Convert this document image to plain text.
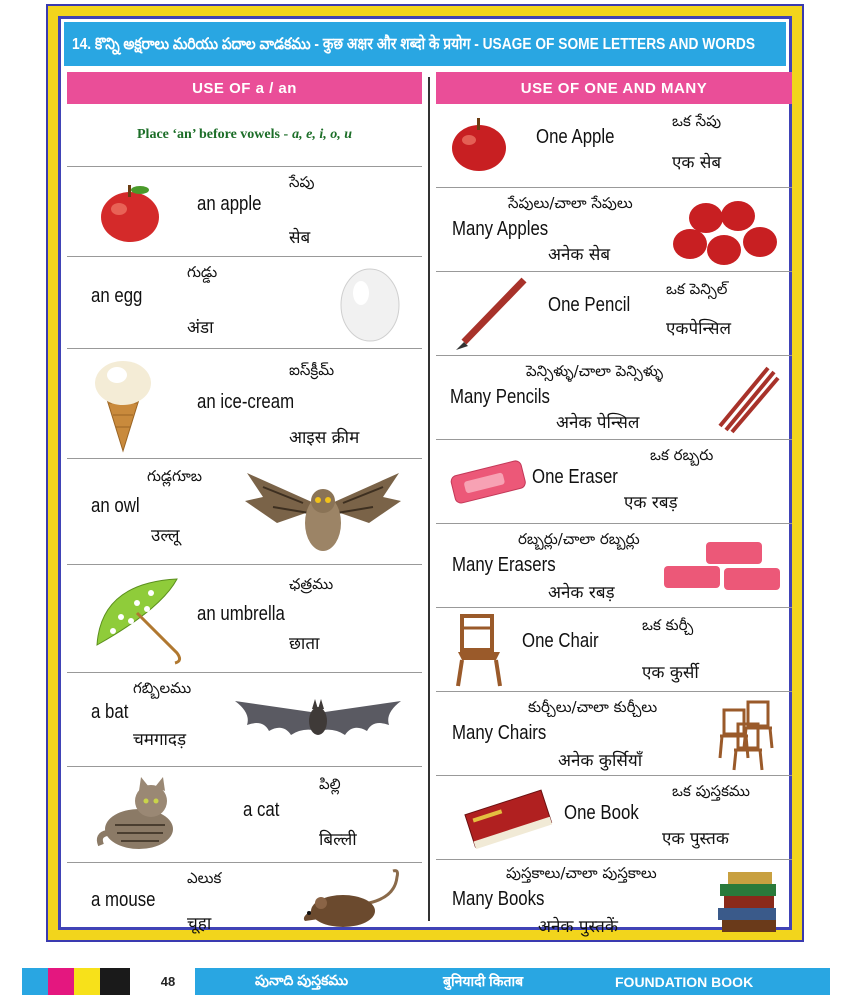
14. కొన్ని అక్షరాలు మరియు పదాల వాడకము - कुछ अक्षर और शब्दो के प्रयोग - USAGE OF SOME LETTERS AND WORDS
USE OF a / an
Place ‘an’ before vowels - a, e, i, o, u
an apple
సేపు
सेब
an egg
గుడ్డు
अंडा
ఐస్‌క్రీమ్
an ice-cream
आइस क्रीम
గుడ్లగూబ
an owl
उल्लू
ఛత్రము
an umbrella
छाता
గబ్బిలము
a bat
चमगादड़
పిల్లి
a cat
बिल्ली
ఎలుక
a mouse
चूहा
USE OF ONE AND MANY
One Apple
ఒక సేపు
एक सेब
సేపులు/చాలా సేపులు
Many Apples
अनेक सेब
One Pencil
ఒక పెన్సిల్
एकपेन्सिल
పెన్సిళ్ళు/చాలా పెన్సిళ్ళు
Many Pencils
अनेक पेन्सिल
ఒక రబ్బరు
One Eraser
एक रबड़
రబ్బర్లు/చాలా రబ్బర్లు
Many Erasers
अनेक रबड़
One Chair
ఒక కుర్చీ
एक कुर्सी
కుర్చీలు/చాలా కుర్చీలు
Many Chairs
अनेक कुर्सियाँ
ఒక పుస్తకము
One Book
एक पुस्तक
పుస్తకాలు/చాలా పుస్తకాలు
Many Books
अनेक पुस्तकें
48	పునాది పుస్తకము	बुनियादी किताब	FOUNDATION BOOK
